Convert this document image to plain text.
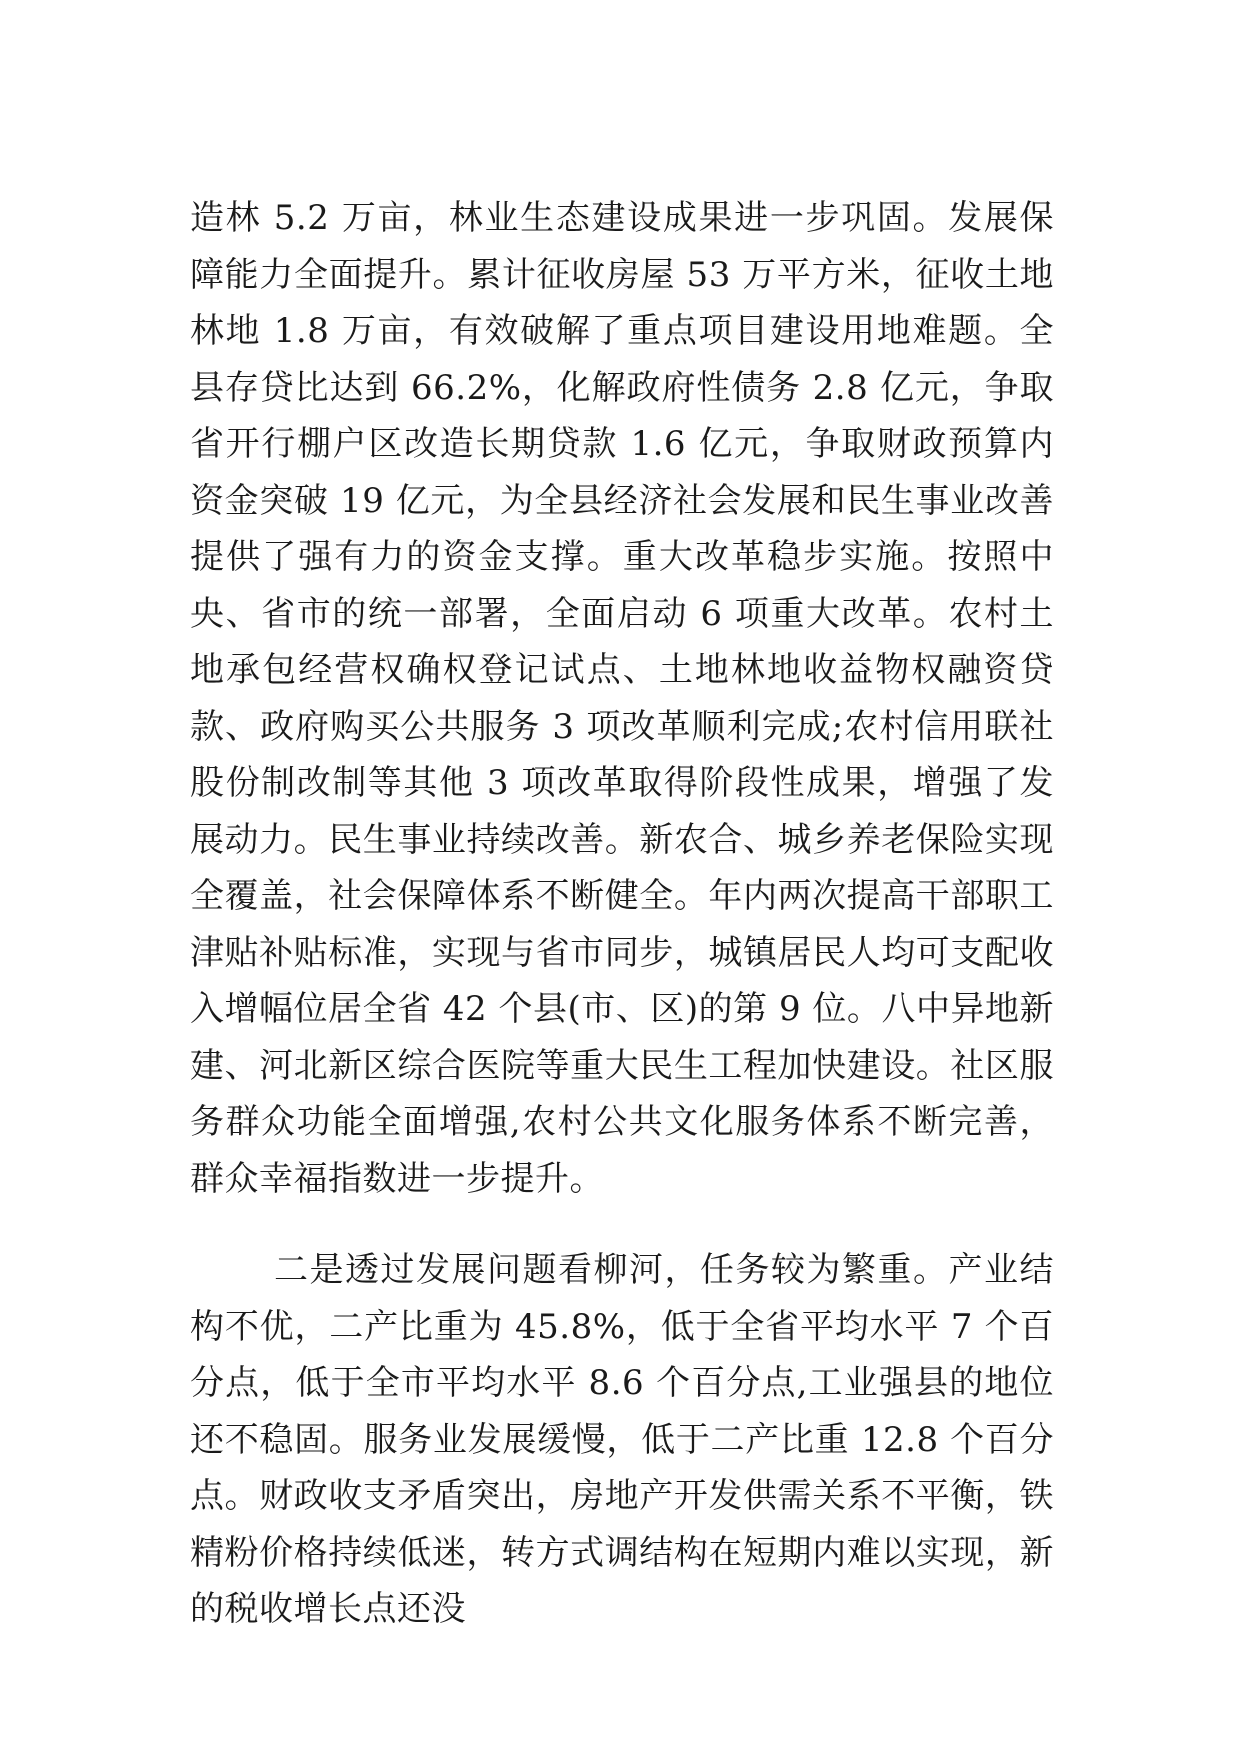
造林 5.2 万亩，林业生态建设成果进一步巩固。发展保障能力全面提升。累计征收房屋 53 万平方米，征收土地林地 1.8 万亩，有效破解了重点项目建设用地难题。全县存贷比达到 66.2%，化解政府性债务 2.8 亿元，争取省开行棚户区改造长期贷款 1.6 亿元，争取财政预算内资金突破 19 亿元，为全县经济社会发展和民生事业改善提供了强有力的资金支撑。重大改革稳步实施。按照中央、省市的统一部署，全面启动 6 项重大改革。农村土地承包经营权确权登记试点、土地林地收益物权融资贷款、政府购买公共服务 3 项改革顺利完成;农村信用联社股份制改制等其他 3 项改革取得阶段性成果，增强了发展动力。民生事业持续改善。新农合、城乡养老保险实现全覆盖，社会保障体系不断健全。年内两次提高干部职工津贴补贴标准，实现与省市同步，城镇居民人均可支配收入增幅位居全省 42 个县(市、区)的第 9 位。八中异地新建、河北新区综合医院等重大民生工程加快建设。社区服务群众功能全面增强,农村公共文化服务体系不断完善，群众幸福指数进一步提升。

二是透过发展问题看柳河，任务较为繁重。产业结构不优，二产比重为 45.8%，低于全省平均水平 7 个百分点，低于全市平均水平 8.6 个百分点,工业强县的地位还不稳固。服务业发展缓慢，低于二产比重 12.8 个百分点。财政收支矛盾突出，房地产开发供需关系不平衡，铁精粉价格持续低迷，转方式调结构在短期内难以实现，新的税收增长点还没
